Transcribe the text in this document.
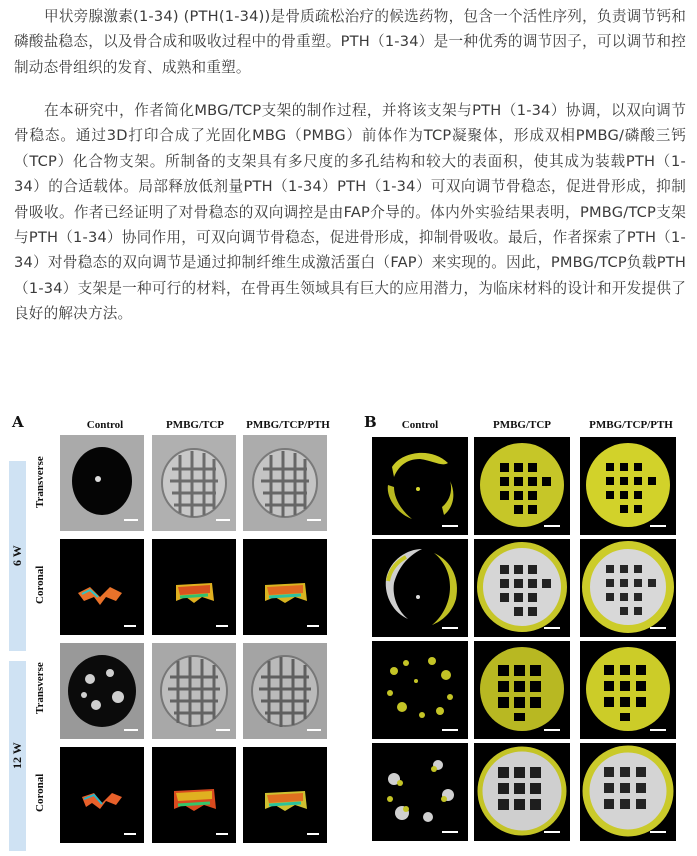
甲状旁腺激素(1-34) (PTH(1-34))是骨质疏松治疗的候选药物，包含一个活性序列，负责调节钙和磷酸盐稳态，以及骨合成和吸收过程中的骨重塑。PTH（1-34）是一种优秀的调节因子，可以调节和控制动态骨组织的发育、成熟和重塑。

在本研究中，作者简化MBG/TCP支架的制作过程，并将该支架与PTH（1-34）协调，以双向调节骨稳态。通过3D打印合成了光固化MBG（PMBG）前体作为TCP凝聚体，形成双相PMBG/磷酸三钙（TCP）化合物支架。所制备的支架具有多尺度的多孔结构和较大的表面积，使其成为装载PTH（1-34）的合适载体。局部释放低剂量PTH（1-34）PTH（1-34）可双向调节骨稳态，促进骨形成，抑制骨吸收。作者已经证明了对骨稳态的双向调控是由FAP介导的。体内外实验结果表明，PMBG/TCP支架与PTH（1-34）协同作用，可双向调节骨稳态，促进骨形成，抑制骨吸收。最后，作者探索了PTH（1-34）对骨稳态的双向调节是通过抑制纤维生成激活蛋白（FAP）来实现的。因此，PMBG/TCP负载PTH（1-34）支架是一种可行的材料，在骨再生领域具有巨大的应用潜力，为临床材料的设计和开发提供了良好的解决方法。

A	Control	PMBG/TCP	PMBG/TCP/PTH
6 W
12 W
Transverse
Coronal
Transverse
Coronal
B	Control	PMBG/TCP	PMBG/TCP/PTH
